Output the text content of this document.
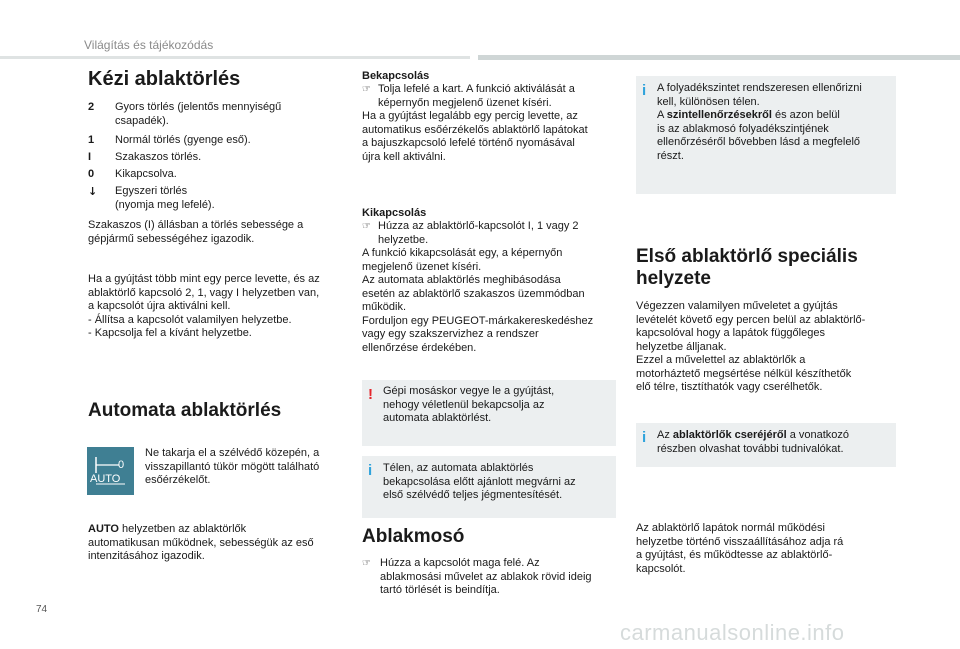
Világítás és tájékozódás
Kézi ablaktörlés
2 Gyors törlés (jelentős mennyiségű
csapadék).
1 Normál törlés (gyenge eső).
I Szakaszos törlés.
0 Kikapcsolva.
↓ Egyszeri törlés
(nyomja meg lefelé).
Szakaszos (I) állásban a törlés sebessége a
gépjármű sebességéhez igazodik.
Ha a gyújtást több mint egy perce levette, és az
ablaktörlő kapcsoló 2, 1, vagy I helyzetben van,
a kapcsolót újra aktiválni kell.
- Állítsa a kapcsolót valamilyen helyzetbe.
- Kapcsolja fel a kívánt helyzetbe.
Automata ablaktörlés
0
AUTO
Ne takarja el a szélvédő közepén, a
visszapillantó tükör mögött található
esőérzékelőt.
AUTO helyzetben az ablaktörlők
automatikusan működnek, sebességük az eső
intenzitásához igazodik.
Bekapcsolás
☞ Tolja lefelé a kart. A funkció aktiválását a
képernyőn megjelenő üzenet kíséri.
Ha a gyújtást legalább egy percig levette, az
automatikus esőérzékelős ablaktörlő lapátokat
a bajuszkapcsoló lefelé történő nyomásával
újra kell aktiválni.
Kikapcsolás
☞ Húzza az ablaktörlő-kapcsolót I, 1 vagy 2
helyzetbe.
A funkció kikapcsolását egy, a képernyőn
megjelenő üzenet kíséri.
Az automata ablaktörlés meghibásodása
esetén az ablaktörlő szakaszos üzemmódban
működik.
Forduljon egy PEUGEOT-márkakereskedéshez
vagy egy szakszervizhez a rendszer
ellenőrzése érdekében.
! Gépi mosáskor vegye le a gyújtást,
nehogy véletlenül bekapcsolja az
automata ablaktörlést.
i Télen, az automata ablaktörlés
bekapcsolása előtt ajánlott megvárni az
első szélvédő teljes jégmentesítését.
Ablakmosó
☞ Húzza a kapcsolót maga felé. Az
ablakmosási művelet az ablakok rövid ideig
tartó törlését is beindítja.
i A folyadékszintet rendszeresen ellenőrizni
kell, különösen télen.
A szintellenőrzésekről és azon belül
is az ablakmosó folyadékszintjének
ellenőrzéséről bővebben lásd a megfelelő
részt.
Első ablaktörlő speciális
helyzete
Végezzen valamilyen műveletet a gyújtás
levételét követő egy percen belül az ablaktörlő-
kapcsolóval hogy a lapátok függőleges
helyzetbe álljanak.
Ezzel a művelettel az ablaktörlők a
motorháztető megsértése nélkül készíthetők
elő télre, tisztíthatók vagy cserélhetők.
i Az ablaktörlők cseréjéről a vonatkozó
részben olvashat további tudnivalókat.
Az ablaktörlő lapátok normál működési
helyzetbe történő visszaállításához adja rá
a gyújtást, és működtesse az ablaktörlő-
kapcsolót.
74
carmanualsonline.info
